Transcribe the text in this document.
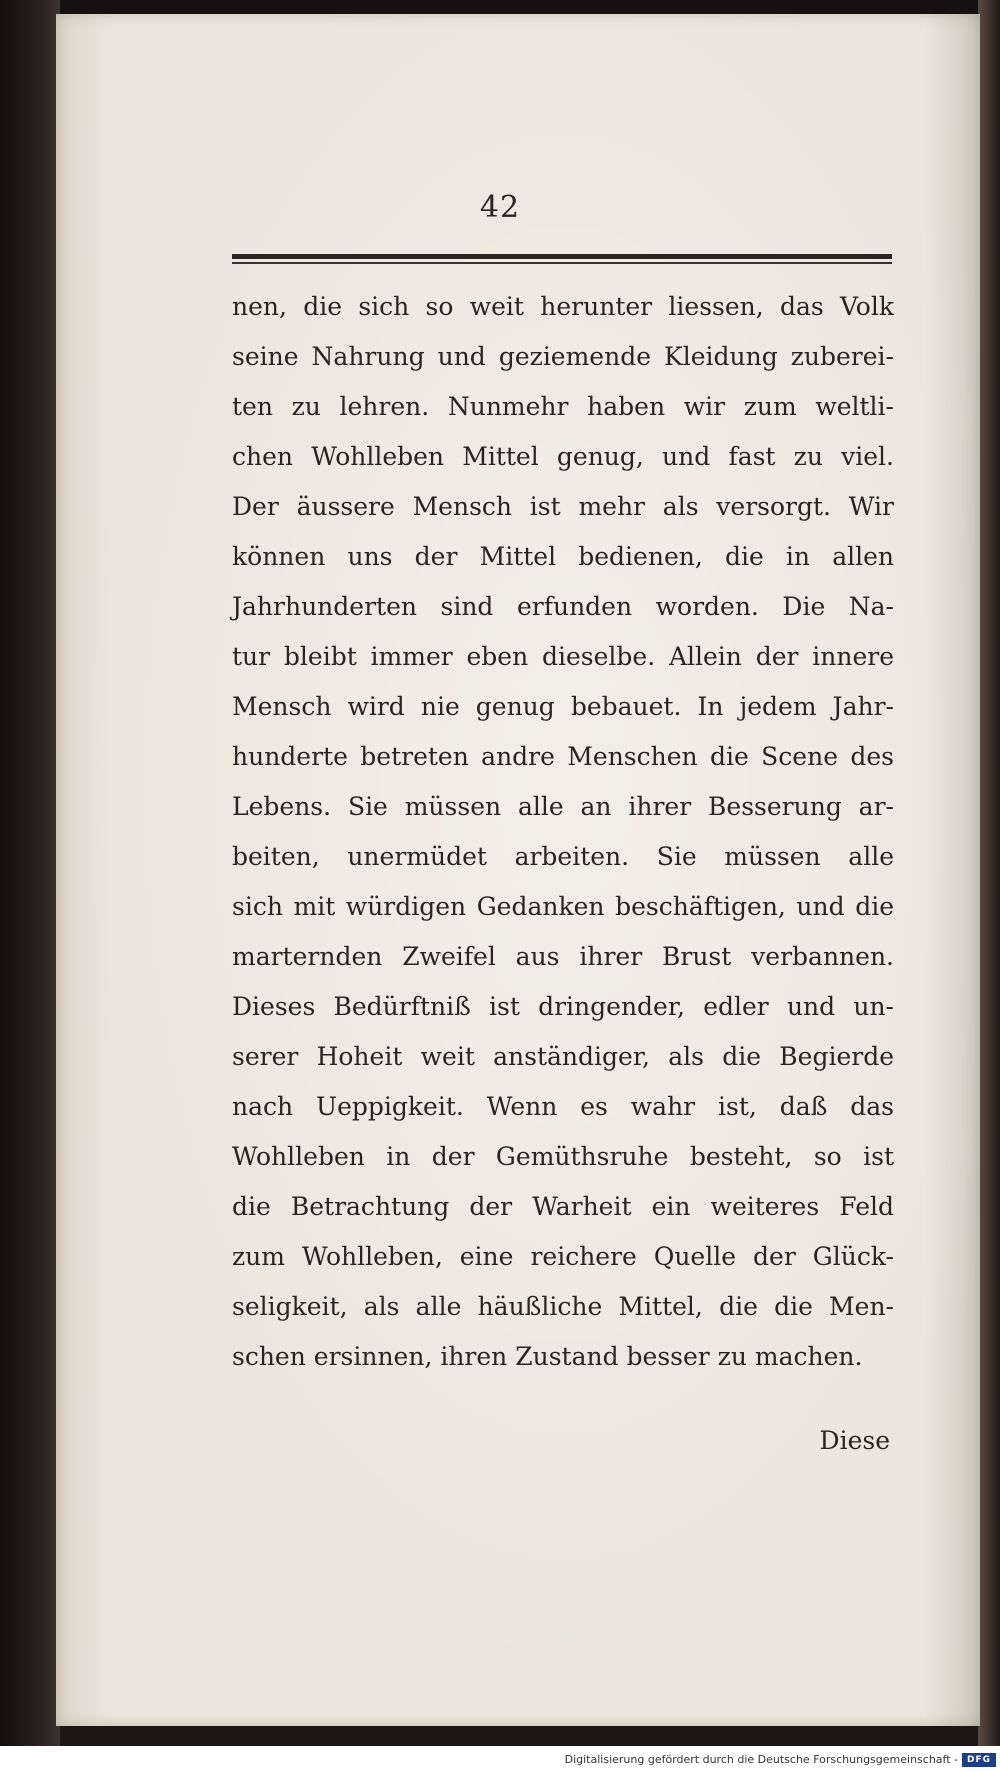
42
nen, die sich so weit herunter liessen, das Volk
seine Nahrung und geziemende Kleidung zuberei-
ten zu lehren. Nunmehr haben wir zum weltli-
chen Wohlleben Mittel genug, und fast zu viel.
Der äussere Mensch ist mehr als versorgt. Wir
können uns der Mittel bedienen, die in allen
Jahrhunderten sind erfunden worden. Die Na-
tur bleibt immer eben dieselbe. Allein der innere
Mensch wird nie genug bebauet. In jedem Jahr-
hunderte betreten andre Menschen die Scene des
Lebens. Sie müssen alle an ihrer Besserung ar-
beiten, unermüdet arbeiten. Sie müssen alle
sich mit würdigen Gedanken beschäftigen, und die
marternden Zweifel aus ihrer Brust verbannen.
Dieses Bedürftniß ist dringender, edler und un-
serer Hoheit weit anständiger, als die Begierde
nach Ueppigkeit. Wenn es wahr ist, daß das
Wohlleben in der Gemüthsruhe besteht, so ist
die Betrachtung der Warheit ein weiteres Feld
zum Wohlleben, eine reichere Quelle der Glück-
seligkeit, als alle häußliche Mittel, die die Men-
schen ersinnen, ihren Zustand besser zu machen.
Diese
Digitalisierung gefördert durch die Deutsche Forschungsgemeinschaft - DFG
